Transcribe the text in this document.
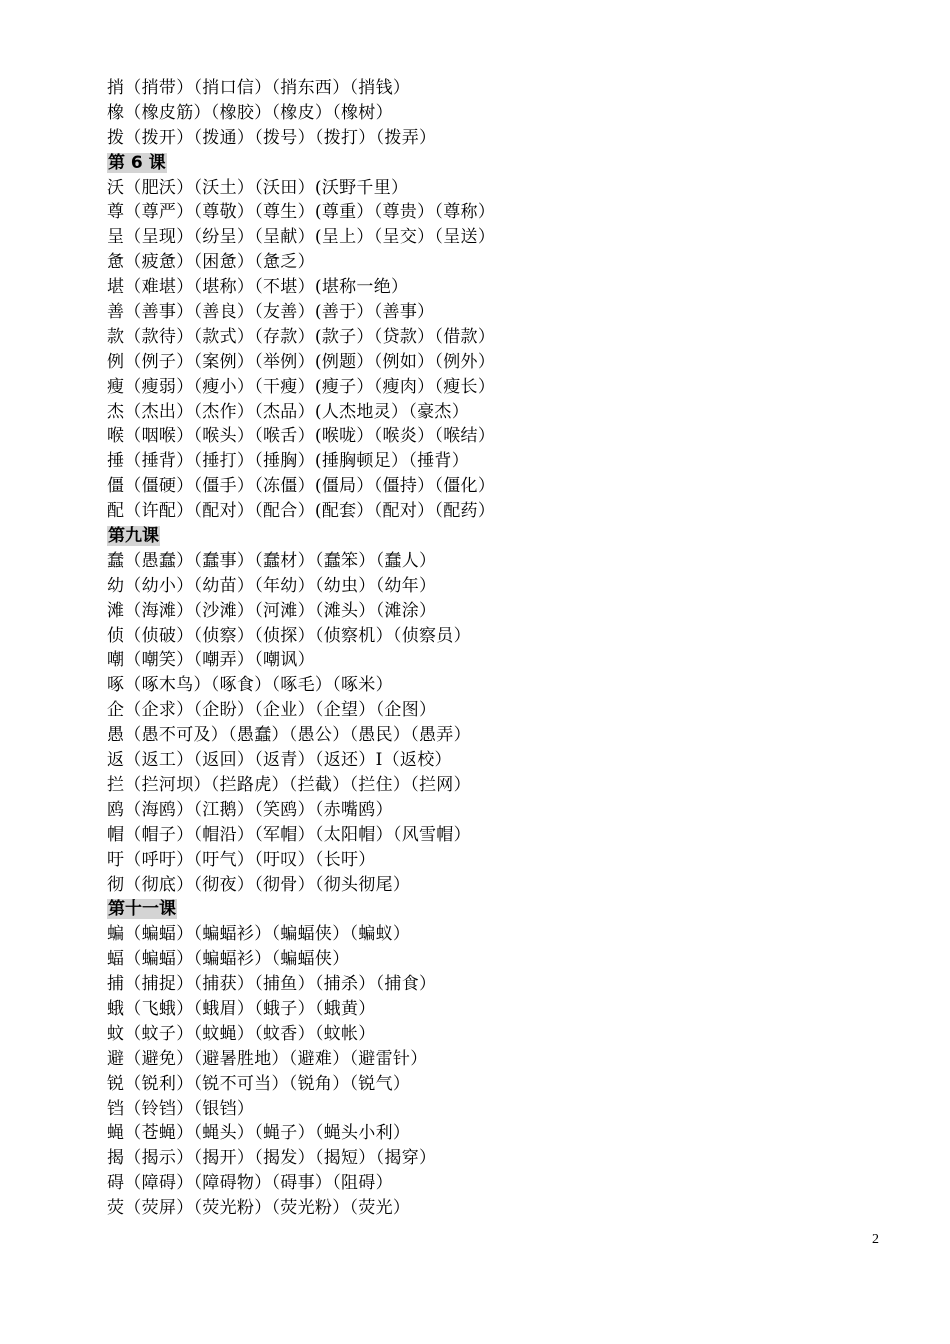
捎（捎带）（捎口信）（捎东西）（捎钱）
橡（橡皮筋）（橡胶）（橡皮）（橡树）
拨（拨开）（拨通）（拨号）（拨打）（拨弄）
第 6 课
沃（肥沃）（沃土）（沃田）(沃野千里）
尊（尊严）（尊敬）（尊生）(尊重）（尊贵）（尊称）
呈（呈现）（纷呈）（呈献）(呈上）（呈交）（呈送）
惫（疲惫）（困惫）（惫乏）
堪（难堪）（堪称）（不堪）(堪称一绝）
善（善事）（善良）（友善）(善于）（善事）
款（款待）（款式）（存款）(款子）（贷款）（借款）
例（例子）（案例）（举例）(例题）（例如）（例外）
瘦（瘦弱）（瘦小）（干瘦）(瘦子）（瘦肉）（瘦长）
杰（杰出）（杰作）（杰品）(人杰地灵）（豪杰）
喉（咽喉）（喉头）（喉舌）(喉咙）（喉炎）（喉结）
捶（捶背）（捶打）（捶胸）(捶胸顿足）（捶背）
僵（僵硬）（僵手）（冻僵）(僵局）（僵持）（僵化）
配（许配）（配对）（配合）(配套）（配对）（配药）
第九课
蠢（愚蠢）（蠢事）（蠢材）（蠢笨）（蠢人）
幼（幼小）（幼苗）（年幼）（幼虫）（幼年）
滩（海滩）（沙滩）（河滩）（滩头）（滩涂）
侦（侦破）（侦察）（侦探）（侦察机）（侦察员）
嘲（嘲笑）（嘲弄）（嘲讽）
啄（啄木鸟）（啄食）（啄毛）（啄米）
企（企求）（企盼）（企业）（企望）（企图）
愚（愚不可及）（愚蠢）（愚公）（愚民）（愚弄）
返（返工）（返回）（返青）（返还）I（返校）
拦（拦河坝）（拦路虎）（拦截）（拦住）（拦网）
鸥（海鸥）（江鹅）（笑鸥）（赤嘴鸥）
帽（帽子）（帽沿）（军帽）（太阳帽）（风雪帽）
吁（呼吁）（吁气）（吁叹）（长吁）
彻（彻底）（彻夜）（彻骨）（彻头彻尾）
第十一课
蝙（蝙蝠）（蝙蝠衫）（蝙蝠侠）（蝙蚁）
蝠（蝙蝠）（蝙蝠衫）（蝙蝠侠）
捕（捕捉）（捕获）（捕鱼）（捕杀）（捕食）
蛾（飞蛾）（蛾眉）（蛾子）（蛾黄）
蚊（蚊子）（蚊蝇）（蚊香）（蚊帐）
避（避免）（避暑胜地）（避难）（避雷针）
锐（锐利）（锐不可当）（锐角）（锐气）
铛（铃铛）（银铛）
蝇（苍蝇）（蝇头）（蝇子）（蝇头小利）
揭（揭示）（揭开）（揭发）（揭短）（揭穿）
碍（障碍）（障碍物）（碍事）（阻碍）
荧（荧屏）（荧光粉）（荧光粉）（荧光）
2
